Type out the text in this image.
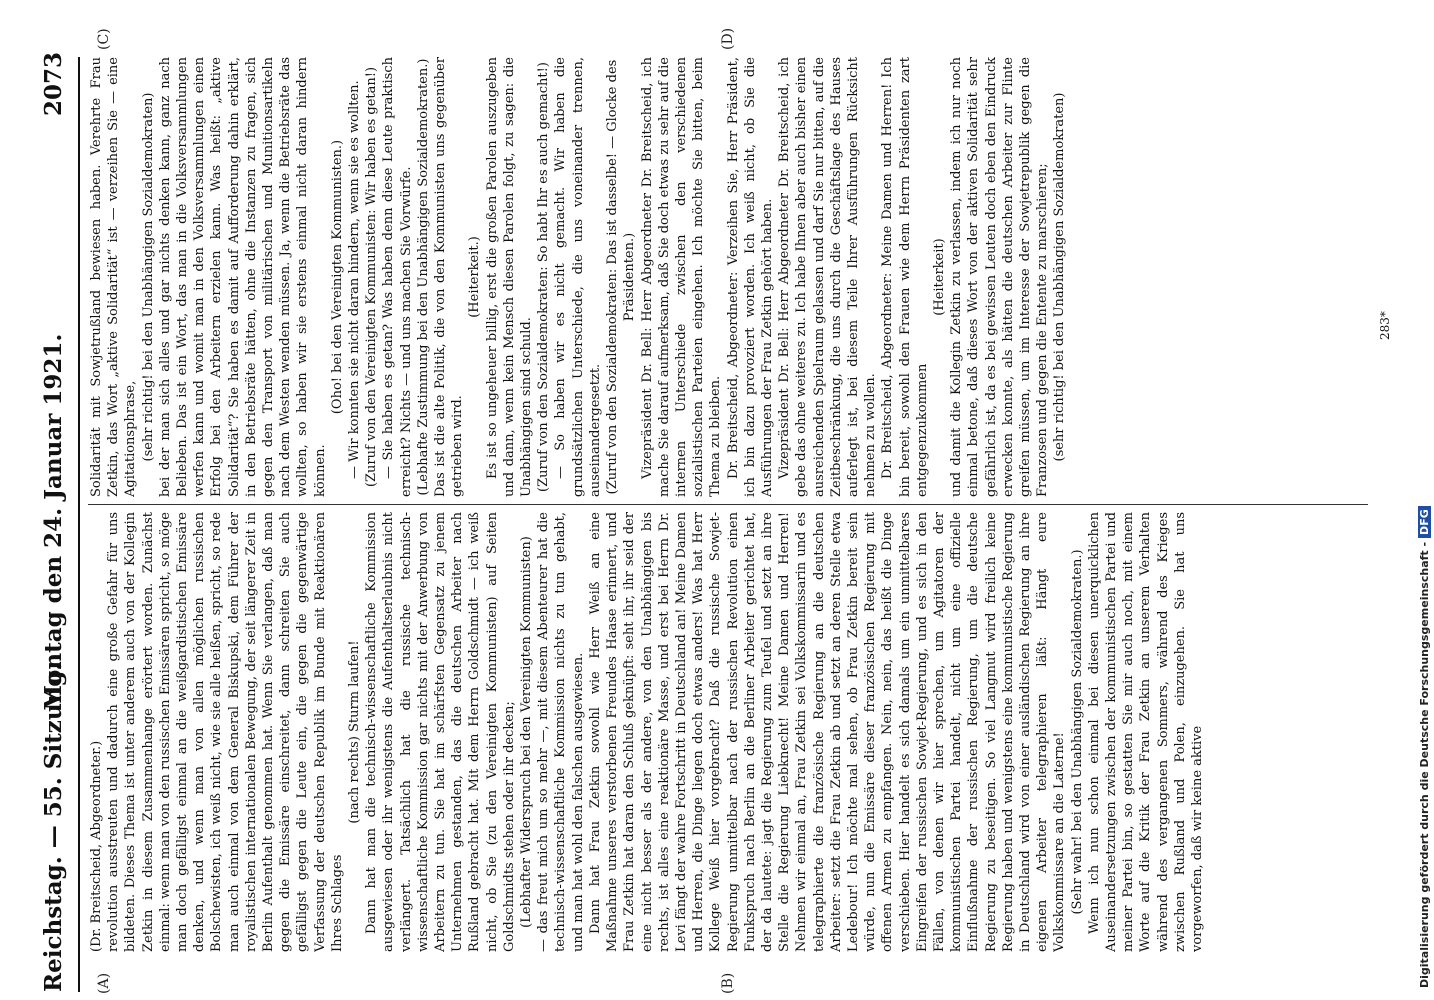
Reichstag. — 55. Sitzung.
Montag den 24. Januar 1921.
2073
(A)	(B)
(C)	(D)

(Dr. Breitscheid, Abgeordneter.) revolution ausstreuten und dadurch eine große Gefahr für uns bildeten. Dieses Thema ist unter anderem auch von der Kollegin Zetkin in diesem Zusammenhange erörtert worden. Zunächst einmal: wenn man von den russischen Emissären spricht, so möge man doch gefälligst einmal an die weißgardistischen Emissäre denken, und wenn man von allen möglichen russischen Bolschewisten, ich weiß nicht, wie sie alle heißen, spricht, so rede man auch einmal von dem General Biskupski, dem Führer der royalistischen internationalen Bewegung, der seit längerer Zeit in Berlin Aufenthalt genommen hat. Wenn Sie verlangen, daß man gegen die Emissäre einschreitet, dann schreiten Sie auch gefälligst gegen die Leute ein, die gegen die gegenwärtige Verfassung der deutschen Republik im Bunde mit Reaktionären Ihres Schlages

(nach rechts) Sturm laufen! Dann hat man die technisch-wissenschaftliche Kommission ausgewiesen oder ihr wenigstens die Aufenthaltserlaubnis nicht verlängert. Tatsächlich hat die russische technisch-wissenschaftliche Kommission gar nichts mit der Anwerbung von Arbeitern zu tun. Sie hat im schärfsten Gegensatz zu jenem Unternehmen gestanden, das die deutschen Arbeiter nach Rußland gebracht hat. Mit dem Herrn Goldschmidt — ich weiß nicht, ob Sie (zu den Vereinigten Kommunisten) auf Seiten Goldschmidts stehen oder ihr decken; (Lebhafter Widerspruch bei den Vereinigten Kommunisten) — das freut mich um so mehr —, mit diesem Abenteurer hat die technisch-wissenschaftliche Kommission nichts zu tun gehabt, und man hat wohl den falschen ausgewiesen. Dann hat Frau Zetkin sowohl wie Herr Weiß an eine Maßnahme unseres verstorbenen Freundes Haase erinnert, und Frau Zetkin hat daran den Schluß geknüpft: seht ihr, ihr seid der eine nicht besser als der andere, von den Unabhängigen bis rechts, ist alles eine reaktionäre Masse, und erst bei Herrn Dr. Levi fängt der wahre Fortschritt in Deutschland an! Meine Damen und Herren, die Dinge liegen doch etwas anders! Was hat Herr Kollege Weiß hier vorgebracht? Daß die russische Sowjet-Regierung unmittelbar nach der russischen Revolution einen Funkspruch nach Berlin an die Berliner Arbeiter gerichtet hat, der da lautete: jagt die Regierung zum Teufel und setzt an ihre Stelle die Regierung Liebknecht! Meine Damen und Herren! Nehmen wir einmal an, Frau Zetkin sei Volkskommissarin und es telegraphierte die französische Regierung an die deutschen Arbeiter: setzt die Frau Zetkin ab und setzt an deren Stelle etwa Ledebour! Ich möchte mal sehen, ob Frau Zetkin bereit sein würde, nun die Emissäre dieser französischen Regierung mit offenen Armen zu empfangen. Nein, nein, das heißt die Dinge verschieben. Hier handelt es sich damals um ein unmittelbares Eingreifen der russischen Sowjet-Regierung, und es sich in den Fällen, von denen wir hier sprechen, um Agitatoren der kommunistischen Partei handelt, nicht um eine offizielle Einflußnahme der russischen Regierung, um die deutsche Regierung zu beseitigen. So viel Langmut wird freilich keine Regierung haben und wenigstens eine kommunistische Regierung in Deutschland wird von einer ausländischen Regierung an ihre eigenen Arbeiter telegraphieren läßt: Hängt eure Volkskommissare an die Laterne! (Sehr wahr! bei den Unabhängigen Sozialdemokraten.) Wenn ich nun schon einmal bei diesen unerquicklichen Auseinandersetzungen zwischen der kommunistischen Partei und meiner Partei bin, so gestatten Sie mir auch noch, mit einem Worte auf die Kritik der Frau Zetkin an unserem Verhalten während des vergangenen Sommers, während des Krieges zwischen Rußland und Polen, einzugehen. Sie hat uns vorgeworfen, daß wir keine aktive

Solidarität mit Sowjetrußland bewiesen haben. Verehrte Frau Zetkin, das Wort „aktive Solidarität“ ist — verzeihen Sie — eine Agitationsphrase, (sehr richtig! bei den Unabhängigen Sozialdemokraten) bei der man sich alles und gar nichts denken kann, ganz nach Belieben. Das ist ein Wort, das man in die Volksversammlungen werfen kann und womit man in den Volksversammlungen einen Erfolg bei den Arbeitern erzielen kann. Was heißt: „aktive Solidarität“? Sie haben es damit auf Aufforderung dahin erklärt, in den Betriebsräte hätten, ohne die Instanzen zu fragen, sich gegen den Transport von militärischen und Munitionsartikeln nach dem Westen wenden müssen. Ja, wenn die Betriebsräte das wollten, so haben wir sie erstens einmal nicht daran hindern können.

(Oho! bei den Vereinigten Kommunisten.) — Wir konnten sie nicht daran hindern, wenn sie es wollten. (Zuruf von den Vereinigten Kommunisten: Wir haben es getan!) — Sie haben es getan? Was haben denn diese Leute praktisch erreicht? Nichts — und uns machen Sie Vorwürfe. (Lebhafte Zustimmung bei den Unabhängigen Sozialdemokraten.) Das ist die alte Politik, die von den Kommunisten uns gegenüber getrieben wird.

(Heiterkeit.) Es ist so ungeheuer billig, erst die großen Parolen auszugeben und dann, wenn kein Mensch diesen Parolen folgt, zu sagen: die Unabhängigen sind schuld. (Zuruf von den Sozialdemokraten: So habt Ihr es auch gemacht!) — So haben wir es nicht gemacht. Wir haben die grundsätzlichen Unterschiede, die uns voneinander trennen, auseinandergesetzt. (Zuruf von den Sozialdemokraten: Das ist dasselbe! — Glocke des Präsidenten.) Vizepräsident Dr. Bell: Herr Abgeordneter Dr. Breitscheid, ich mache Sie darauf aufmerksam, daß Sie doch etwas zu sehr auf die internen Unterschiede zwischen den verschiedenen sozialistischen Parteien eingehen. Ich möchte Sie bitten, beim Thema zu bleiben. Dr. Breitscheid, Abgeordneter: Verzeihen Sie, Herr Präsident, ich bin dazu provoziert worden. Ich weiß nicht, ob Sie die Ausführungen der Frau Zetkin gehört haben. Vizepräsident Dr. Bell: Herr Abgeordneter Dr. Breitscheid, ich gebe das ohne weiteres zu. Ich habe Ihnen aber auch bisher einen ausreichenden Spielraum gelassen und darf Sie nur bitten, auf die Zeitbeschränkung, die uns durch die Geschäftslage des Hauses auferlegt ist, bei diesem Teile Ihrer Ausführungen Rücksicht nehmen zu wollen. Dr. Breitscheid, Abgeordneter: Meine Damen und Herren! Ich bin bereit, sowohl den Frauen wie dem Herrn Präsidenten zart entgegenzukommen

(Heiterkeit) und damit die Kollegin Zetkin zu verlassen, indem ich nur noch einmal betone, daß dieses Wort von der aktiven Solidarität sehr gefährlich ist, da es bei gewissen Leuten doch eben den Eindruck erwecken konnte, als hätten die deutschen Arbeiter zur Flinte greifen müssen, um im Interesse der Sowjetrepublik gegen die Franzosen und gegen die Entente zu marschieren; (sehr richtig! bei den Unabhängigen Sozialdemokraten)	283*
Digitalisierung gefördert durch die Deutsche Forschungsgemeinschaft -DFG
